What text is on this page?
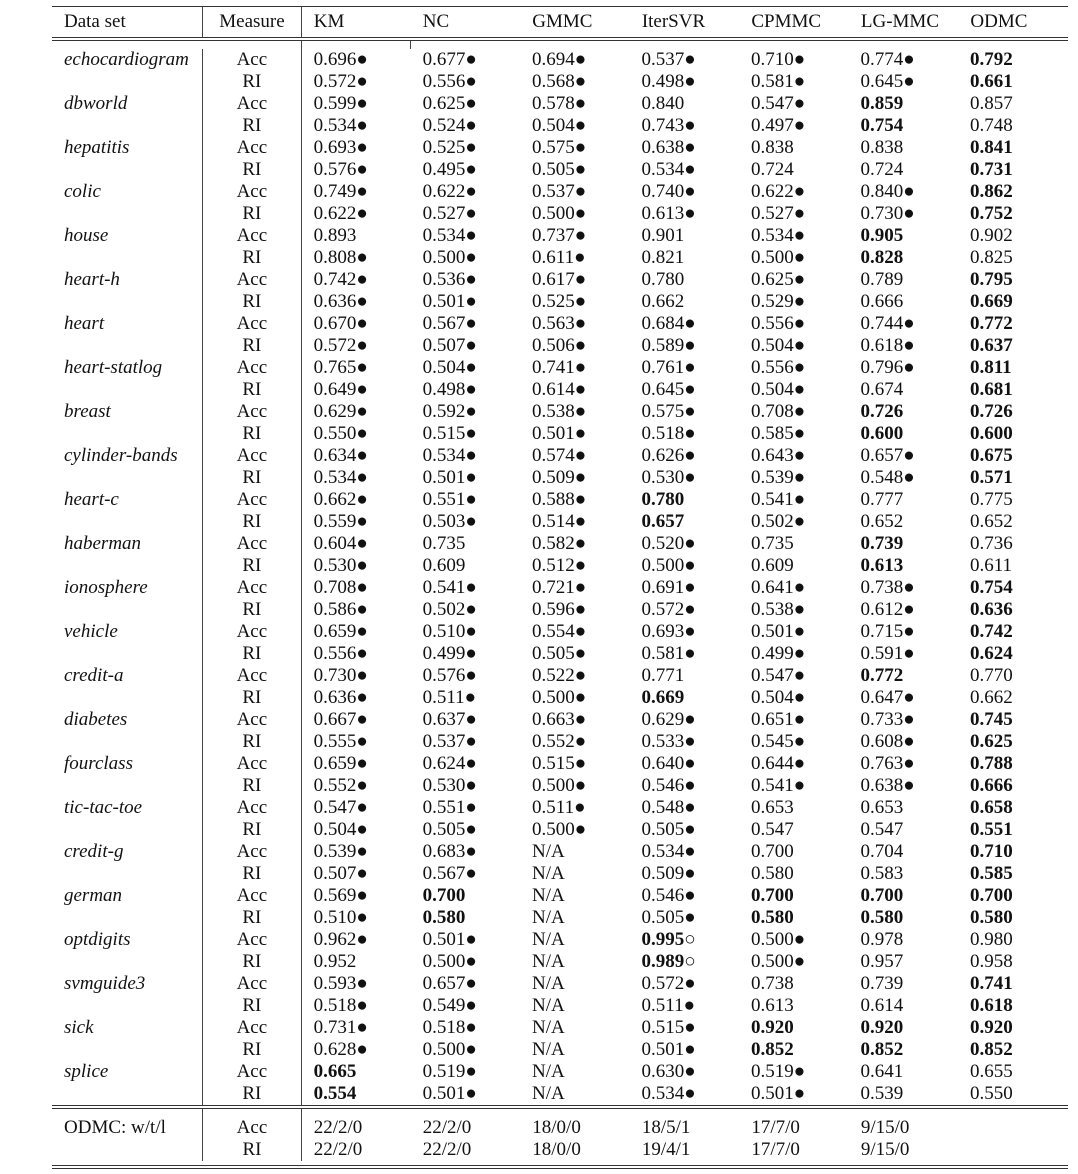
Data set	Measure	KM	NC	GMMC	IterSVR	CPMMC	LG-MMC	ODMC

echocardiogram	Acc	0.696●	0.677●	0.694●	0.537●	0.710●	0.774●	0.792
	RI	0.572●	0.556●	0.568●	0.498●	0.581●	0.645●	0.661
dbworld	Acc	0.599●	0.625●	0.578●	0.840	0.547●	0.859	0.857
	RI	0.534●	0.524●	0.504●	0.743●	0.497●	0.754	0.748
hepatitis	Acc	0.693●	0.525●	0.575●	0.638●	0.838	0.838	0.841
	RI	0.576●	0.495●	0.505●	0.534●	0.724	0.724	0.731
colic	Acc	0.749●	0.622●	0.537●	0.740●	0.622●	0.840●	0.862
	RI	0.622●	0.527●	0.500●	0.613●	0.527●	0.730●	0.752
house	Acc	0.893	0.534●	0.737●	0.901	0.534●	0.905	0.902
	RI	0.808●	0.500●	0.611●	0.821	0.500●	0.828	0.825
heart-h	Acc	0.742●	0.536●	0.617●	0.780	0.625●	0.789	0.795
	RI	0.636●	0.501●	0.525●	0.662	0.529●	0.666	0.669
heart	Acc	0.670●	0.567●	0.563●	0.684●	0.556●	0.744●	0.772
	RI	0.572●	0.507●	0.506●	0.589●	0.504●	0.618●	0.637
heart-statlog	Acc	0.765●	0.504●	0.741●	0.761●	0.556●	0.796●	0.811
	RI	0.649●	0.498●	0.614●	0.645●	0.504●	0.674	0.681
breast	Acc	0.629●	0.592●	0.538●	0.575●	0.708●	0.726	0.726
	RI	0.550●	0.515●	0.501●	0.518●	0.585●	0.600	0.600
cylinder-bands	Acc	0.634●	0.534●	0.574●	0.626●	0.643●	0.657●	0.675
	RI	0.534●	0.501●	0.509●	0.530●	0.539●	0.548●	0.571
heart-c	Acc	0.662●	0.551●	0.588●	0.780	0.541●	0.777	0.775
	RI	0.559●	0.503●	0.514●	0.657	0.502●	0.652	0.652
haberman	Acc	0.604●	0.735	0.582●	0.520●	0.735	0.739	0.736
	RI	0.530●	0.609	0.512●	0.500●	0.609	0.613	0.611
ionosphere	Acc	0.708●	0.541●	0.721●	0.691●	0.641●	0.738●	0.754
	RI	0.586●	0.502●	0.596●	0.572●	0.538●	0.612●	0.636
vehicle	Acc	0.659●	0.510●	0.554●	0.693●	0.501●	0.715●	0.742
	RI	0.556●	0.499●	0.505●	0.581●	0.499●	0.591●	0.624
credit-a	Acc	0.730●	0.576●	0.522●	0.771	0.547●	0.772	0.770
	RI	0.636●	0.511●	0.500●	0.669	0.504●	0.647●	0.662
diabetes	Acc	0.667●	0.637●	0.663●	0.629●	0.651●	0.733●	0.745
	RI	0.555●	0.537●	0.552●	0.533●	0.545●	0.608●	0.625
fourclass	Acc	0.659●	0.624●	0.515●	0.640●	0.644●	0.763●	0.788
	RI	0.552●	0.530●	0.500●	0.546●	0.541●	0.638●	0.666
tic-tac-toe	Acc	0.547●	0.551●	0.511●	0.548●	0.653	0.653	0.658
	RI	0.504●	0.505●	0.500●	0.505●	0.547	0.547	0.551
credit-g	Acc	0.539●	0.683●	N/A	0.534●	0.700	0.704	0.710
	RI	0.507●	0.567●	N/A	0.509●	0.580	0.583	0.585
german	Acc	0.569●	0.700	N/A	0.546●	0.700	0.700	0.700
	RI	0.510●	0.580	N/A	0.505●	0.580	0.580	0.580
optdigits	Acc	0.962●	0.501●	N/A	0.995○	0.500●	0.978	0.980
	RI	0.952	0.500●	N/A	0.989○	0.500●	0.957	0.958
svmguide3	Acc	0.593●	0.657●	N/A	0.572●	0.738	0.739	0.741
	RI	0.518●	0.549●	N/A	0.511●	0.613	0.614	0.618
sick	Acc	0.731●	0.518●	N/A	0.515●	0.920	0.920	0.920
	RI	0.628●	0.500●	N/A	0.501●	0.852	0.852	0.852
splice	Acc	0.665	0.519●	N/A	0.630●	0.519●	0.641	0.655
	RI	0.554	0.501●	N/A	0.534●	0.501●	0.539	0.550

ODMC: w/t/l	Acc	22/2/0	22/2/0	18/0/0	18/5/1	17/7/0	9/15/0	
	RI	22/2/0	22/2/0	18/0/0	19/4/1	17/7/0	9/15/0	
